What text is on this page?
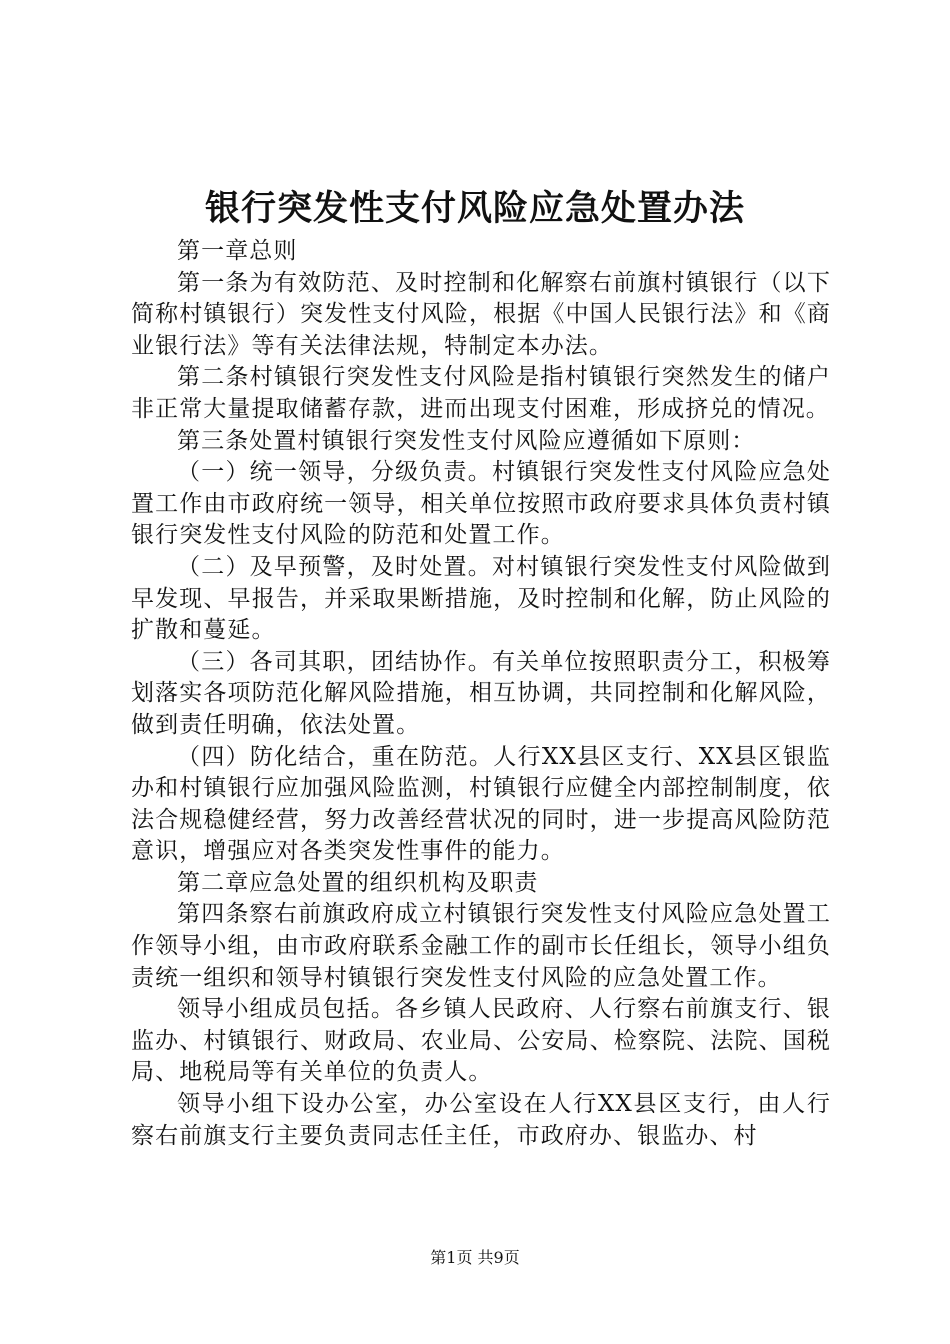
银行突发性支付风险应急处置办法

第一章总则

第一条为有效防范、及时控制和化解察右前旗村镇银行（以下简称村镇银行）突发性支付风险，根据《中国人民银行法》和《商业银行法》等有关法律法规，特制定本办法。

第二条村镇银行突发性支付风险是指村镇银行突然发生的储户非正常大量提取储蓄存款，进而出现支付困难，形成挤兑的情况。

第三条处置村镇银行突发性支付风险应遵循如下原则：

（一）统一领导，分级负责。村镇银行突发性支付风险应急处置工作由市政府统一领导，相关单位按照市政府要求具体负责村镇银行突发性支付风险的防范和处置工作。

（二）及早预警，及时处置。对村镇银行突发性支付风险做到早发现、早报告，并采取果断措施，及时控制和化解，防止风险的扩散和蔓延。

（三）各司其职，团结协作。有关单位按照职责分工，积极筹划落实各项防范化解风险措施，相互协调，共同控制和化解风险，做到责任明确，依法处置。

（四）防化结合，重在防范。人行XX县区支行、XX县区银监办和村镇银行应加强风险监测，村镇银行应健全内部控制制度，依法合规稳健经营，努力改善经营状况的同时，进一步提高风险防范意识，增强应对各类突发性事件的能力。

第二章应急处置的组织机构及职责

第四条察右前旗政府成立村镇银行突发性支付风险应急处置工作领导小组，由市政府联系金融工作的副市长任组长，领导小组负责统一组织和领导村镇银行突发性支付风险的应急处置工作。

领导小组成员包括。各乡镇人民政府、人行察右前旗支行、银监办、村镇银行、财政局、农业局、公安局、检察院、法院、国税局、地税局等有关单位的负责人。

领导小组下设办公室，办公室设在人行XX县区支行，由人行察右前旗支行主要负责同志任主任，市政府办、银监办、村

第1页 共9页
